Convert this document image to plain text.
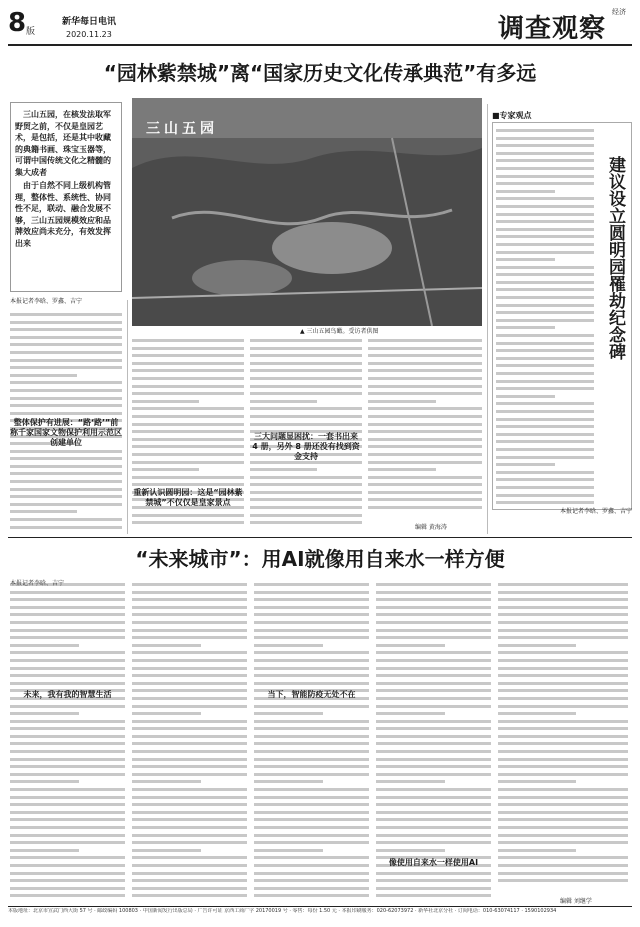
8 版
新华每日电讯
2020.11.23	调查观察
经济
“园林紫禁城”离“国家历史文化传承典范”有多远

三山五园，在核发法取军野贸之前，不仅是皇园艺术，是包括，还是其中收藏的典籍书画、珠宝玉器等，可谓中国传统文化之精髓的集大成者

由于自然不同上级机构管理，整体性、系统性、协同性不足，联动、融合发展不够，三山五园规模效应和品牌效应尚未充分，有效发挥出来

本报记者李晗、罗鑫、吉宁
整体保护有进展：“路‘路’”前称千家国家文物保护利用示范区创建单位
三山五园
▲ 三山五园鸟瞰。受访者供图
重新认识圆明园：这是“园林紫禁城”不仅仅是皇家景点
三大问题显困扰：一套书出来 4 册，另外 8 册还没有找到资金支持
编辑 黄海涛
■专家观点
建议设立圆明园罹劫纪念碑
本报记者李晗、罗鑫、吉宁
“未来城市”：用AI就像用自来水一样方便
本报记者李晗、吉宁
未来，我有我的智慧生活	当下，智能防疫无处不在
像使用自来水一样使用AI
编辑 刘继学
本版地址：北京市宣武门西大街 57 号 · 邮政编码 100803 · 中国新闻发行出版总局 · 广告许可证 京西工商广字 20170019 号 · 零售：每份 1.50 元 · 本报印刷服务：020-62073972 · 新华社北京分社 · 订阅电话：010-63074117 · 1590102934
